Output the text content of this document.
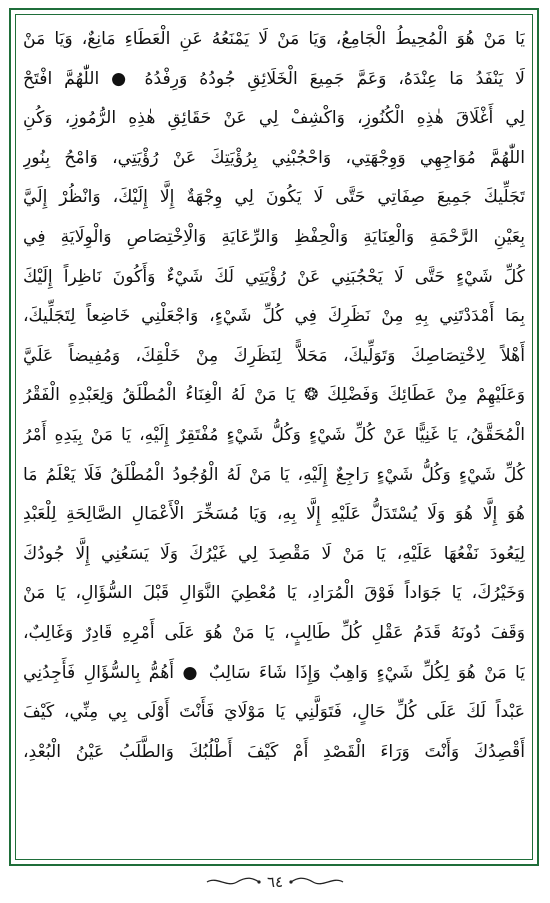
يَا مَنْ هُوَ الْمُحِيطُ الْجَامِعُ، وَيَا مَنْ لَا يَمْنَعُهُ عَنِ الْعَطَاءِ مَانِعٌ، وَيَا مَنْ
لَا يَنْفَدُ مَا عِنْدَهُ، وَعَمَّ جَمِيعَ الْخَلَائِقِ جُودُهُ وَرِفْدُهُ ● اللّٰهُمَّ افْتَحْ
لِي أَغْلَاقَ هٰذِهِ الْكُنُوزِ، وَاكْشِفْ لِي عَنْ حَقَائِقِ هٰذِهِ الرُّمُوزِ، وَكُنِ
اللّٰهُمَّ مُوَاجِهِي وَوِجْهَتِي، وَاحْجُبْنِي بِرُؤْيَتِكَ عَنْ رُؤْيَتِي، وَامْحُ بِنُورِ
تَجَلِّيكَ جَمِيعَ صِفَاتِي حَتَّى لَا يَكُونَ لِي وِجْهَةٌ إِلَّا إِلَيْكَ، وَانْظُرْ إِلَيَّ
بِعَيْنِ الرَّحْمَةِ وَالْعِنَايَةِ وَالْحِفْظِ وَالرِّعَايَةِ وَالْاِخْتِصَاصِ وَالْوِلَايَةِ فِي
كُلِّ شَيْءٍ حَتَّى لَا يَحْجُبَنِي عَنْ رُؤْيَتِي لَكَ شَيْءٌ وَأَكُونَ نَاظِراً إِلَيْكَ
بِمَا أَمْدَدْتَنِي بِهِ مِنْ نَظَرِكَ فِي كُلِّ شَيْءٍ، وَاجْعَلْنِي خَاضِعاً لِتَجَلِّيكَ،
أَهْلاً لِاخْتِصَاصِكَ وَتَوَلِّيكَ، مَحَلاًّ لِنَظَرِكَ مِنْ خَلْقِكَ، وَمُفِيضاً عَلَيَّ
وَعَلَيْهِمْ مِنْ عَطَائِكَ وَفَضْلِكَ ❂ يَا مَنْ لَهُ الْغِنَاءُ الْمُطْلَقُ وَلِعَبْدِهِ الْفَقْرُ
الْمُحَقَّقُ، يَا غَنِيًّا عَنْ كُلِّ شَيْءٍ وَكُلُّ شَيْءٍ مُفْتَقِرٌ إِلَيْهِ، يَا مَنْ بِيَدِهِ أَمْرُ
كُلِّ شَيْءٍ وَكُلُّ شَيْءٍ رَاجِعٌ إِلَيْهِ، يَا مَنْ لَهُ الْوُجُودُ الْمُطْلَقُ فَلَا يَعْلَمُ مَا
هُوَ إِلَّا هُوَ وَلَا يُسْتَدَلُّ عَلَيْهِ إِلَّا بِهِ، وَيَا مُسَخِّرَ الْأَعْمَالِ الصَّالِحَةِ لِلْعَبْدِ
لِيَعُودَ نَفْعُهَا عَلَيْهِ، يَا مَنْ لَا مَقْصِدَ لِي غَيْرُكَ وَلَا يَسَعُنِي إِلَّا جُودُكَ
وَخَيْرُكَ، يَا جَوَاداً فَوْقَ الْمُرَادِ، يَا مُعْطِيَ النَّوَالِ قَبْلَ السُّؤَالِ، يَا مَنْ
وَقَفَ دُونَهُ قَدَمُ عَقْلِ كُلِّ طَالِبٍ، يَا مَنْ هُوَ عَلَى أَمْرِهِ قَادِرٌ وَغَالِبٌ،
يَا مَنْ هُوَ لِكُلِّ شَيْءٍ وَاهِبٌ وَإِذَا شَاءَ سَالِبٌ ● أَهُمُّ بِالسُّؤَالِ فَأَجِدُنِي
عَبْداً لَكَ عَلَى كُلِّ حَالٍ، فَتَوَلَّنِي يَا مَوْلَايَ فَأَنْتَ أَوْلَى بِي مِنِّي، كَيْفَ
أَقْصِدُكَ وَأَنْتَ وَرَاءَ الْقَصْدِ أَمْ كَيْفَ أَطْلُبُكَ وَالطَّلَبُ عَيْنُ الْبُعْدِ،
٦٤
